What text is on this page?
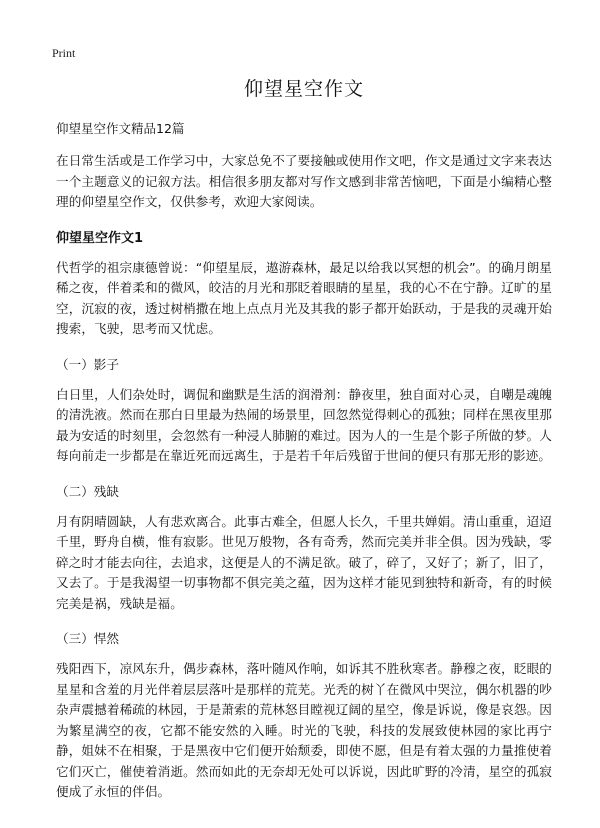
Print
仰望星空作文
仰望星空作文精品12篇

在日常生活或是工作学习中，大家总免不了要接触或使用作文吧，作文是通过文字来表达一个主题意义的记叙方法。相信很多朋友都对写作文感到非常苦恼吧，下面是小编精心整理的仰望星空作文，仅供参考，欢迎大家阅读。

仰望星空作文1

代哲学的祖宗康德曾说：“仰望星辰，遨游森林，最足以给我以冥想的机会”。的确月朗星稀之夜，伴着柔和的微风，皎洁的月光和那眨着眼睛的星星，我的心不在宁静。辽旷的星空，沉寂的夜，透过树梢撒在地上点点月光及其我的影子都开始跃动，于是我的灵魂开始搜索，飞驶，思考而又忧虑。

（一）影子

白日里，人们杂处时，调侃和幽默是生活的润滑剂：静夜里，独自面对心灵，自嘲是魂魄的清洗液。然而在那白日里最为热闹的场景里，回忽然觉得刺心的孤独；同样在黑夜里那最为安适的时刻里，会忽然有一种浸人肺腑的难过。因为人的一生是个影子所做的梦。人每向前走一步都是在靠近死而远离生，于是若千年后残留于世间的便只有那无形的影迹。

（二）残缺

月有阴晴圆缺，人有悲欢离合。此事古难全，但愿人长久，千里共婵娟。清山重重，迢迢千里，野舟自横，惟有寂影。世见万般物，各有奇秀，然而完美并非全俱。因为残缺，零碎之时才能去向往，去追求，这便是人的不满足欲。破了，碎了，又好了；新了，旧了，又去了。于是我渴望一切事物都不俱完美之蕴，因为这样才能见到独特和新奇，有的时候完美是祸，残缺是福。

（三）悍然

残阳西下，凉风东升，偶步森林，落叶随风作响，如诉其不胜秋寒者。静穆之夜，眨眼的星星和含羞的月光伴着层层落叶是那样的荒芜。光秃的树丫在微风中哭泣，偶尔机器的吵杂声震撼着稀疏的林园，于是萧索的荒林怒目瞠视辽阔的星空，像是诉说，像是哀怨。因为繁星满空的夜，它都不能安然的入睡。时光的飞驶，科技的发展致使林园的家比再宁静，姐妹不在相聚，于是黑夜中它们便开始颓委，即使不愿，但是有着太强的力量推使着它们灭亡，催使着消逝。然而如此的无奈却无处可以诉说，因此旷野的冷清，星空的孤寂便成了永恒的伴侣。
